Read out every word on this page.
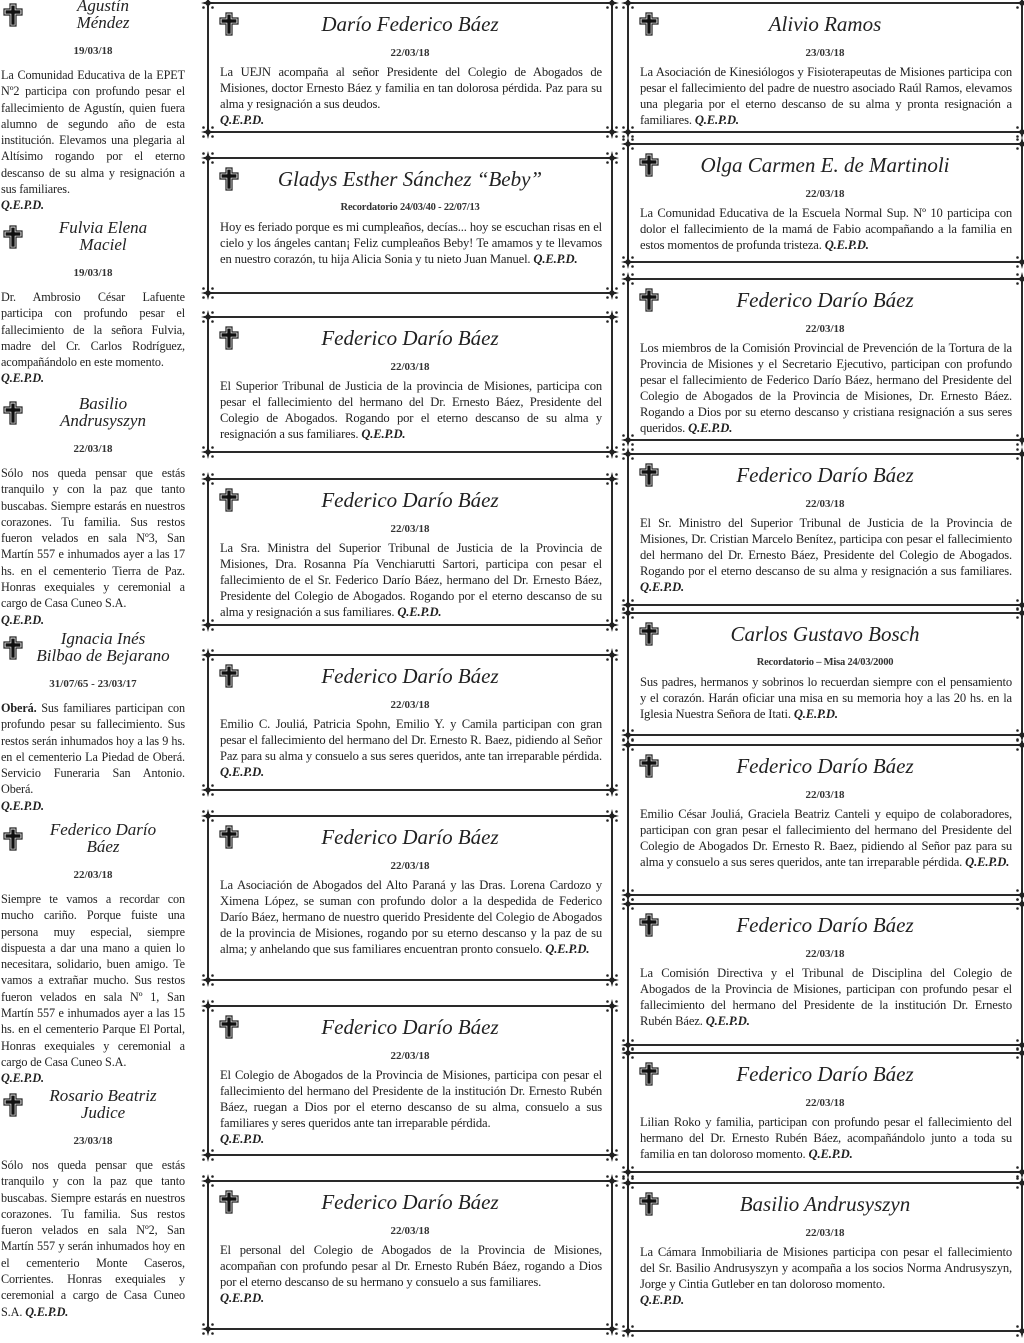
Agustín
Méndez
19/03/18
La Comunidad Educativa de la EPET Nº2 participa con profundo pesar el fallecimiento de Agustín, quien fuera alumno de segundo año de esta institución. Elevamos una plegaria al Altísimo rogando por el eterno descanso de su alma y resignación a sus familiares.
Q.E.P.D.
Fulvia Elena
Maciel
19/03/18
Dr. Ambrosio César Lafuente participa con profundo pesar el fallecimiento de la señora Fulvia, madre del Cr. Carlos Rodríguez, acompañándolo en este momento.
Q.E.P.D.
Basilio
Andrusyszyn
22/03/18
Sólo nos queda pensar que estás tranquilo y con la paz que tanto buscabas. Siempre estarás en nuestros corazones. Tu familia. Sus restos fueron velados en sala Nº3, San Martín 557 e inhumados ayer a las 17 hs. en el cementerio Tierra de Paz. Honras exequiales y ceremonial a cargo de Casa Cuneo S.A.
Q.E.P.D.
Ignacia Inés
Bilbao de Bejarano
31/07/65 - 23/03/17
Oberá. Sus familiares participan con profundo pesar su fallecimiento. Sus restos serán inhumados hoy a las 9 hs. en el cementerio La Piedad de Oberá. Servicio Funeraria San Antonio. Oberá.
Q.E.P.D.
Federico Darío
Báez
22/03/18
Siempre te vamos a recordar con mucho cariño. Porque fuiste una persona muy especial, siempre dispuesta a dar una mano a quien lo necesitara, solidario, buen amigo. Te vamos a extrañar mucho. Sus restos fueron velados en sala Nº 1, San Martín 557 e inhumados ayer a las 15 hs. en el cementerio Parque El Portal, Honras exequiales y ceremonial a cargo de Casa Cuneo S.A.
Q.E.P.D.
Rosario Beatriz
Judice
23/03/18
Sólo nos queda pensar que estás tranquilo y con la paz que tanto buscabas. Siempre estarás en nuestros corazones. Tu familia. Sus restos fueron velados en sala Nº2, San Martín 557 y serán inhumados hoy en el cementerio Monte Caseros, Corrientes. Honras exequiales y ceremonial a cargo de Casa Cuneo S.A. Q.E.P.D.
Darío Federico Báez
22/03/18
La UEJN acompaña al señor Presidente del Colegio de Abogados de Misiones, doctor Ernesto Báez y familia en tan dolorosa pérdida. Paz para su alma y resignación a sus deudos.
Q.E.P.D.
Gladys Esther Sánchez “Beby”
Recordatorio 24/03/40 - 22/07/13
Hoy es feriado porque es mi cumpleaños, decías... hoy se escuchan risas en el cielo y los ángeles cantan¡ Feliz cumpleaños Beby! Te amamos y te llevamos en nuestro corazón, tu hija Alicia Sonia y tu nieto Juan Manuel. Q.E.P.D.
Federico Darío Báez
22/03/18
El Superior Tribunal de Justicia de la provincia de Misiones, participa con pesar el fallecimiento del hermano del Dr. Ernesto Báez, Presidente del Colegio de Abogados. Rogando por el eterno descanso de su alma y resignación a sus familiares. Q.E.P.D.
Federico Darío Báez
22/03/18
La Sra. Ministra del Superior Tribunal de Justicia de la Provincia de Misiones, Dra. Rosanna Pía Venchiarutti Sartori, participa con pesar el fallecimiento de el Sr. Federico Darío Báez, hermano del Dr. Ernesto Báez, Presidente del Colegio de Abogados. Rogando por el eterno descanso de su alma y resignación a sus familiares. Q.E.P.D.
Federico Darío Báez
22/03/18
Emilio C. Jouliá, Patricia Spohn, Emilio Y. y Camila participan con gran pesar el fallecimiento del hermano del Dr. Ernesto R. Baez, pidiendo al Señor Paz para su alma y consuelo a sus seres queridos, ante tan irreparable pérdida. Q.E.P.D.
Federico Darío Báez
22/03/18
La Asociación de Abogados del Alto Paraná y las Dras. Lorena Cardozo y Ximena López, se suman con profundo dolor a la despedida de Federico Darío Báez, hermano de nuestro querido Presidente del Colegio de Abogados de la provincia de Misiones, rogando por su eterno descanso y la paz de su alma; y anhelando que sus familiares encuentran pronto consuelo. Q.E.P.D.
Federico Darío Báez
22/03/18
El Colegio de Abogados de la Provincia de Misiones, participa con pesar el fallecimiento del hermano del Presidente de la institución Dr. Ernesto Rubén Báez, ruegan a Dios por el eterno descanso de su alma, consuelo a sus familiares y seres queridos ante tan irreparable pérdida.
Q.E.P.D.
Federico Darío Báez
22/03/18
El personal del Colegio de Abogados de la Provincia de Misiones, acompañan con profundo pesar al Dr. Ernesto Rubén Báez, rogando a Dios por el eterno descanso de su hermano y consuelo a sus familiares.
Q.E.P.D.
Alivio Ramos
23/03/18
La Asociación de Kinesiólogos y Fisioterapeutas de Misiones participa con pesar el fallecimiento del padre de nuestro asociado Raúl Ramos, elevamos una plegaria por el eterno descanso de su alma y pronta resignación a familiares. Q.E.P.D.
Olga Carmen E. de Martinoli
22/03/18
La Comunidad Educativa de la Escuela Normal Sup. Nº 10 participa con dolor el fallecimiento de la mamá de Fabio acompañando a la familia en estos momentos de profunda tristeza. Q.E.P.D.
Federico Darío Báez
22/03/18
Los miembros de la Comisión Provincial de Prevención de la Tortura de la Provincia de Misiones y el Secretario Ejecutivo, participan con profundo pesar el fallecimiento de Federico Darío Báez, hermano del Presidente del Colegio de Abogados de la Provincia de Misiones, Dr. Ernesto Báez. Rogando a Dios por su eterno descanso y cristiana resignación a sus seres queridos. Q.E.P.D.
Federico Darío Báez
22/03/18
El Sr. Ministro del Superior Tribunal de Justicia de la Provincia de Misiones, Dr. Cristian Marcelo Benítez, participa con pesar el fallecimiento del hermano del Dr. Ernesto Báez, Presidente del Colegio de Abogados. Rogando por el eterno descanso de su alma y resignación a sus familiares. Q.E.P.D.
Carlos Gustavo Bosch
Recordatorio – Misa 24/03/2000
Sus padres, hermanos y sobrinos lo recuerdan siempre con el pensamiento y el corazón. Harán oficiar una misa en su memoria hoy a las 20 hs. en la Iglesia Nuestra Señora de Itati. Q.E.P.D.
Federico Darío Báez
22/03/18
Emilio César Jouliá, Graciela Beatriz Canteli y equipo de colaboradores, participan con gran pesar el fallecimiento del hermano del Presidente del Colegio de Abogados Dr. Ernesto R. Baez, pidiendo al Señor paz para su alma y consuelo a sus seres queridos, ante tan irreparable pérdida. Q.E.P.D.
Federico Darío Báez
22/03/18
La Comisión Directiva y el Tribunal de Disciplina del Colegio de Abogados de la Provincia de Misiones, participan con profundo pesar el fallecimiento del hermano del Presidente de la institución Dr. Ernesto Rubén Báez. Q.E.P.D.
Federico Darío Báez
22/03/18
Lilian Roko y familia, participan con profundo pesar el fallecimiento del hermano del Dr. Ernesto Rubén Báez, acompañándolo junto a toda su familia en tan doloroso momento. Q.E.P.D.
Basilio Andrusyszyn
22/03/18
La Cámara Inmobiliaria de Misiones participa con pesar el fallecimiento del Sr. Basilio Andrusyszyn y acompaña a los socios Norma Andrusyszyn, Jorge y Cintia Gutleber en tan doloroso momento.
Q.E.P.D.
